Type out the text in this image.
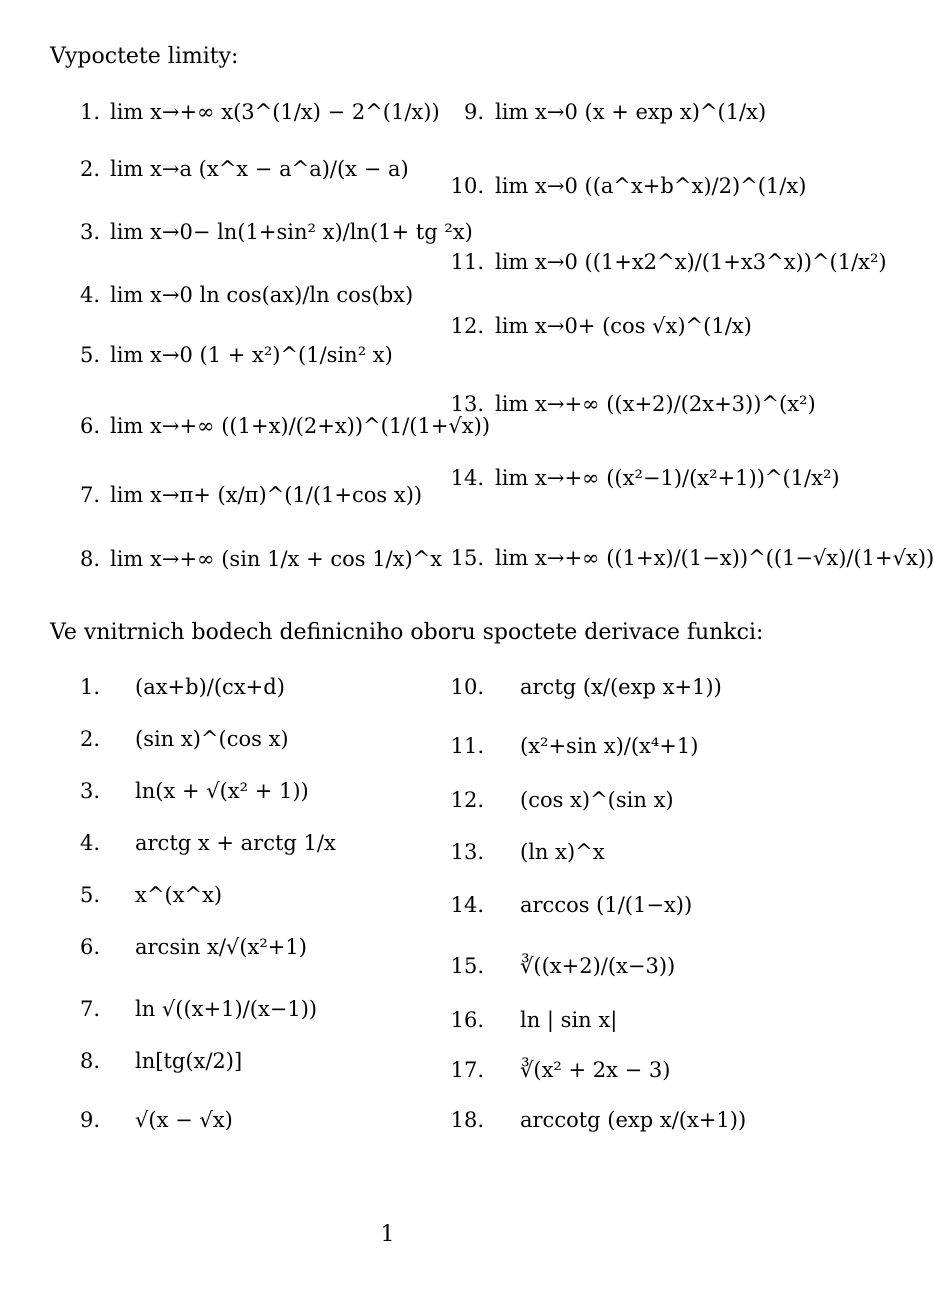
Vypoctete limity:
1. lim x→+∞ x(3^(1/x) − 2^(1/x))
2. lim x→a (x^x − a^a)/(x − a)
3. lim x→0− ln(1+sin² x)/ln(1+ tg ²x)
4. lim x→0 ln cos(ax)/ln cos(bx)
5. lim x→0 (1 + x²)^(1/sin² x)
6. lim x→+∞ ((1+x)/(2+x))^(1/(1+√x))
7. lim x→π+ (x/π)^(1/(1+cos x))
8. lim x→+∞ (sin 1/x + cos 1/x)^x
9. lim x→0 (x + exp x)^(1/x)
10. lim x→0 ((a^x+b^x)/2)^(1/x)
11. lim x→0 ((1+x2^x)/(1+x3^x))^(1/x²)
12. lim x→0+ (cos √x)^(1/x)
13. lim x→+∞ ((x+2)/(2x+3))^(x²)
14. lim x→+∞ ((x²−1)/(x²+1))^(1/x²)
15. lim x→+∞ ((1+x)/(1−x))^((1−√x)/(1+√x))
Ve vnitrnich bodech definicniho oboru spoctete derivace funkci:
1. (ax+b)/(cx+d)
2. (sin x)^(cos x)
3. ln(x + √(x² + 1))
4. arctg x + arctg 1/x
5. x^(x^x)
6. arcsin x/√(x²+1)
7. ln √((x+1)/(x−1))
8. ln[tg(x/2)]
9. √(x − √x)
10. arctg (x/(exp x+1))
11. (x²+sin x)/(x⁴+1)
12. (cos x)^(sin x)
13. (ln x)^x
14. arccos (1/(1−x))
15. ∛((x+2)/(x−3))
16. ln | sin x|
17. ∛(x² + 2x − 3)
18. arccotg (exp x/(x+1))
1
